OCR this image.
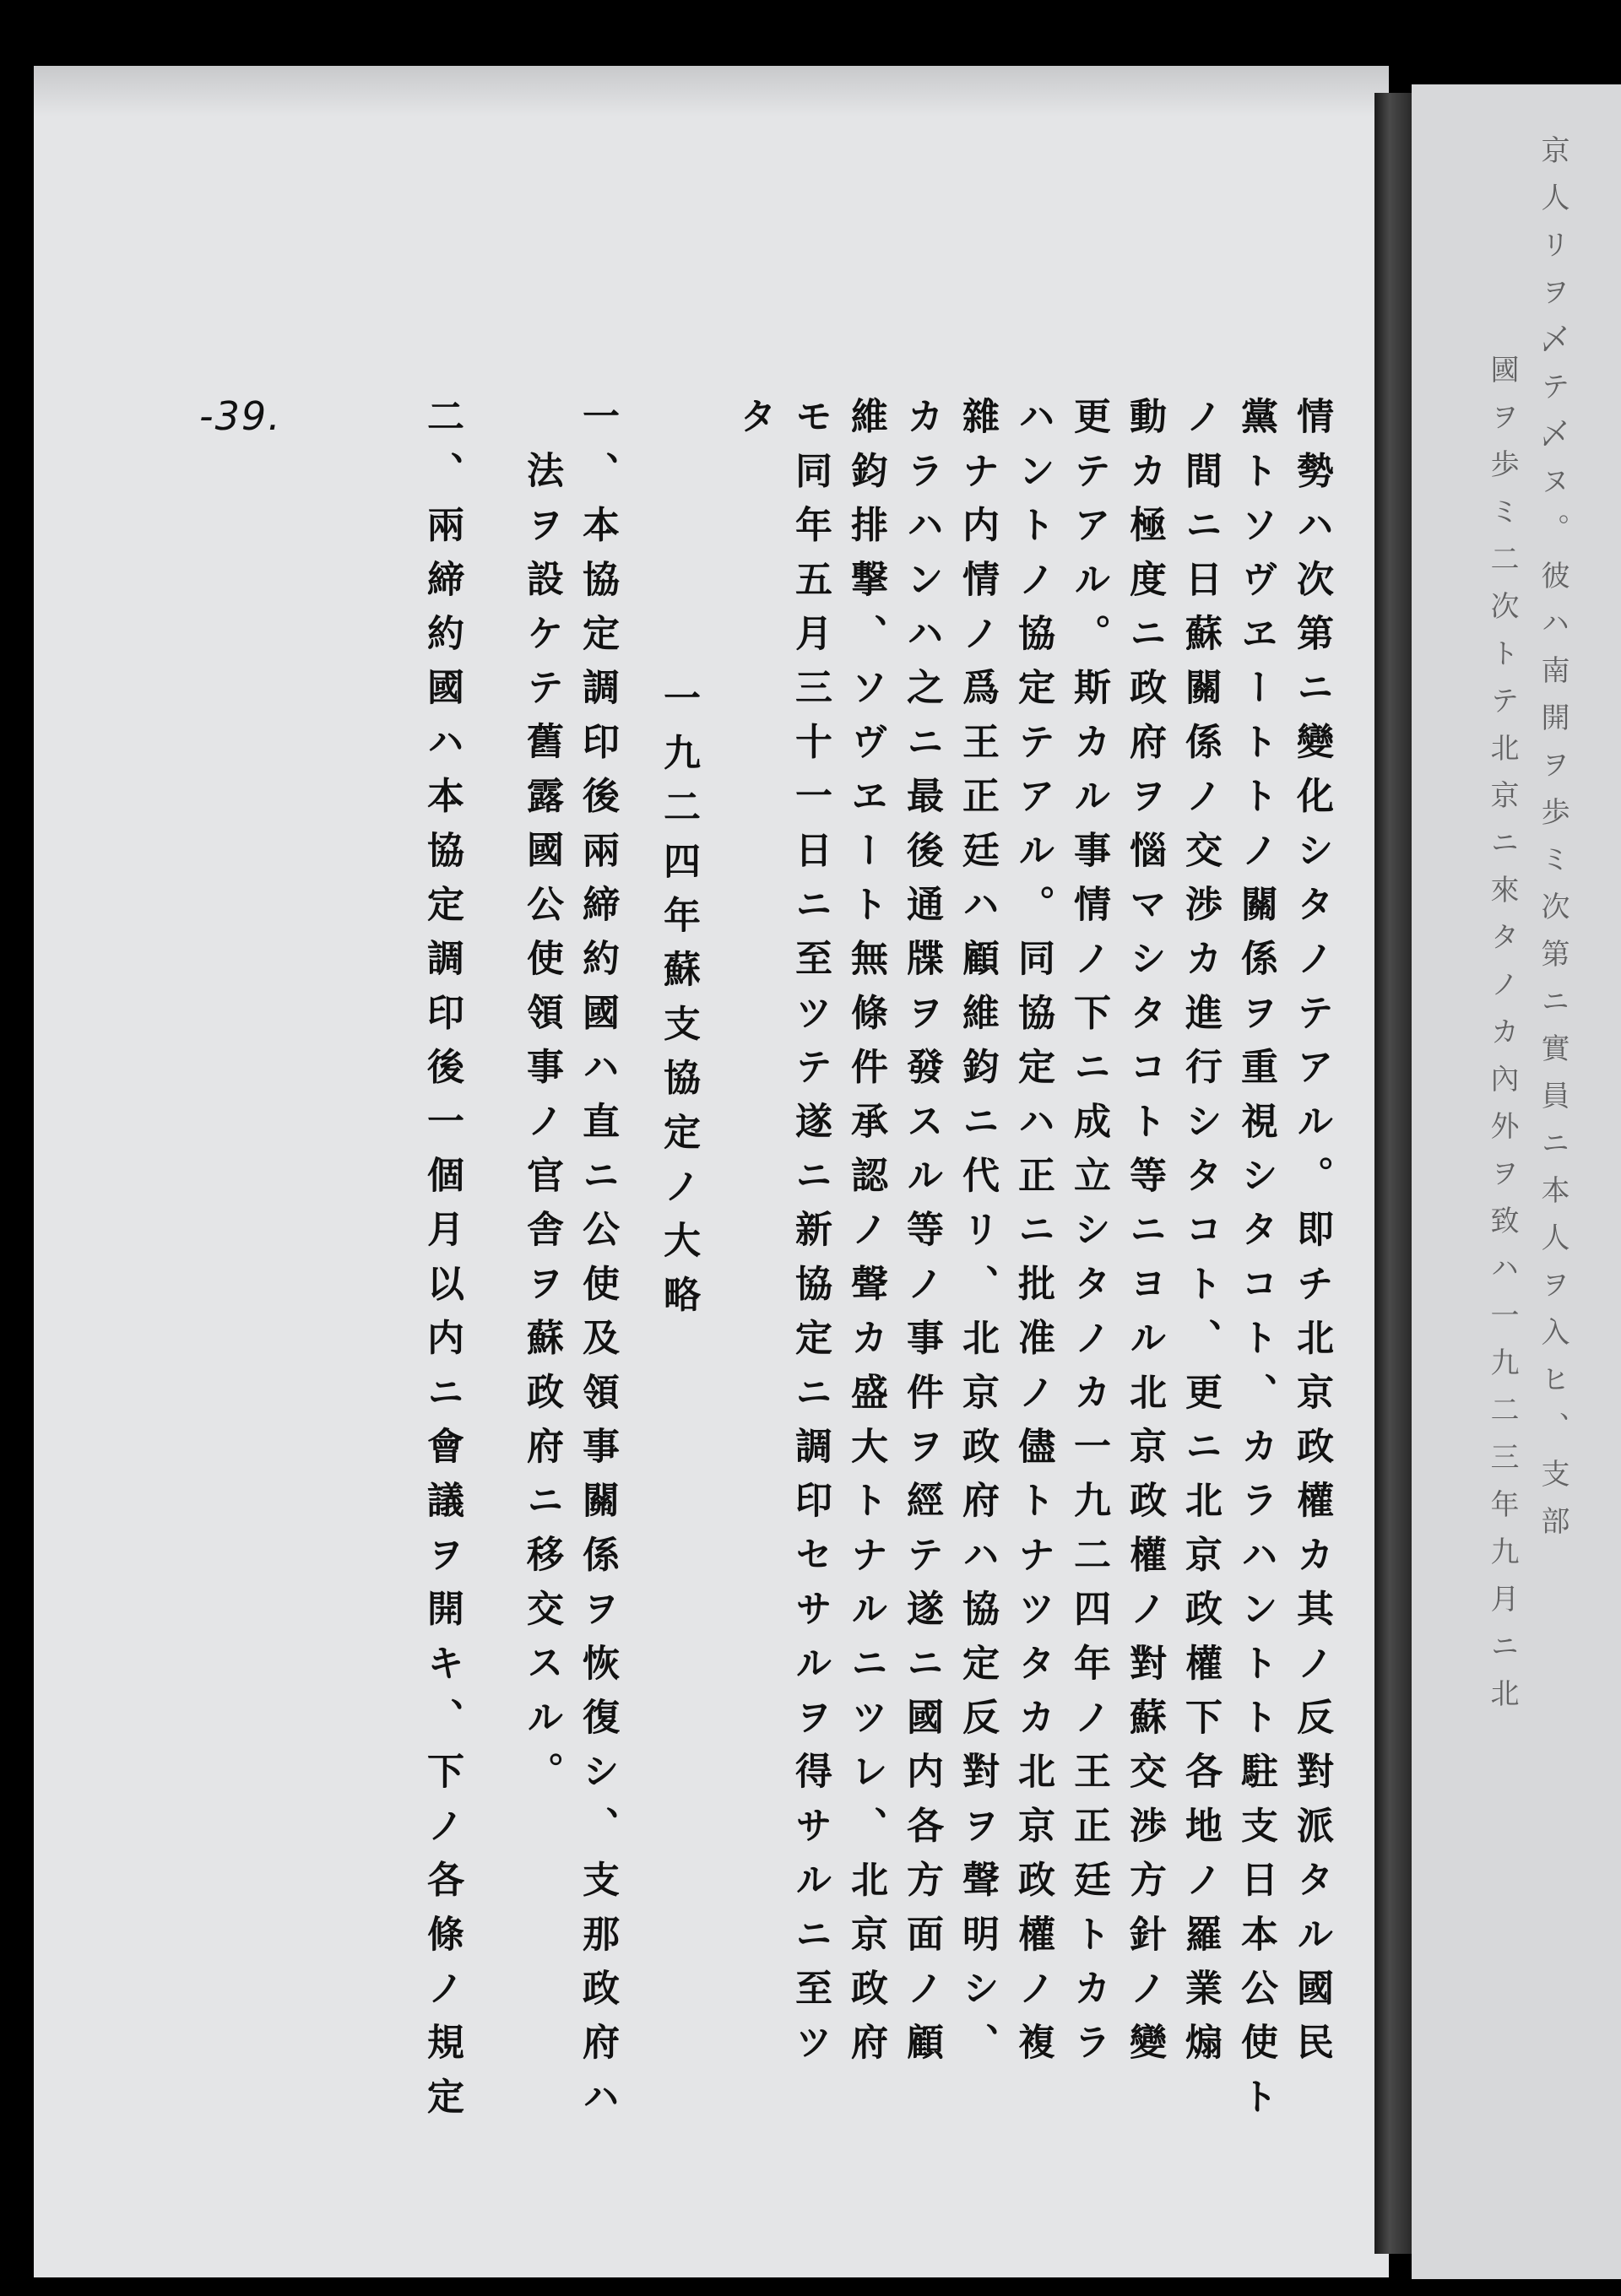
-39.	情勢ハ次第ニ變化シタノテアル。即チ北京政權カ其ノ反對派タル國民
黨トソヴヱートトノ關係ヲ重視シタコト、カラハントト駐支日本公使ト
ノ間ニ日蘇關係ノ交渉カ進行シタコト、更ニ北京政權下各地ノ羅業煽
動カ極度ニ政府ヲ惱マシタコト等ニヨル北京政權ノ對蘇交渉方針ノ變
更テアル。斯カル事情ノ下ニ成立シタノカ一九二四年ノ王正廷トカラ
ハントノ協定テアル。同協定ハ正ニ批准ノ儘トナツタカ北京政權ノ複
雜ナ内情ノ爲王正廷ハ顧維鈞ニ代リ、北京政府ハ協定反對ヲ聲明シ、
カラハンハ之ニ最後通牒ヲ發スル等ノ事件ヲ經テ遂ニ國内各方面ノ顧
維鈞排撃、ソヴヱート無條件承認ノ聲カ盛大トナルニツレ、北京政府
モ同年五月三十一日ニ至ツテ遂ニ新協定ニ調印セサルヲ得サルニ至ツ
タ
一九二四年蘇支協定ノ大略
一、本協定調印後兩締約國ハ直ニ公使及領事關係ヲ恢復シ、支那政府ハ
法ヲ設ケテ舊露國公使領事ノ官舎ヲ蘇政府ニ移交スル。
二、兩締約國ハ本協定調印後一個月以内ニ會議ヲ開キ、下ノ各條ノ規定	京人リヲ乄テ乄ヌ。彼ハ南開ヲ歩ミ次第ニ實員ニ本人ヲ入ヒ、支部
國ヲ歩ミ二次トテ北京ニ來タノカ內外ヲ致ハ一九二三年九月ニ北
